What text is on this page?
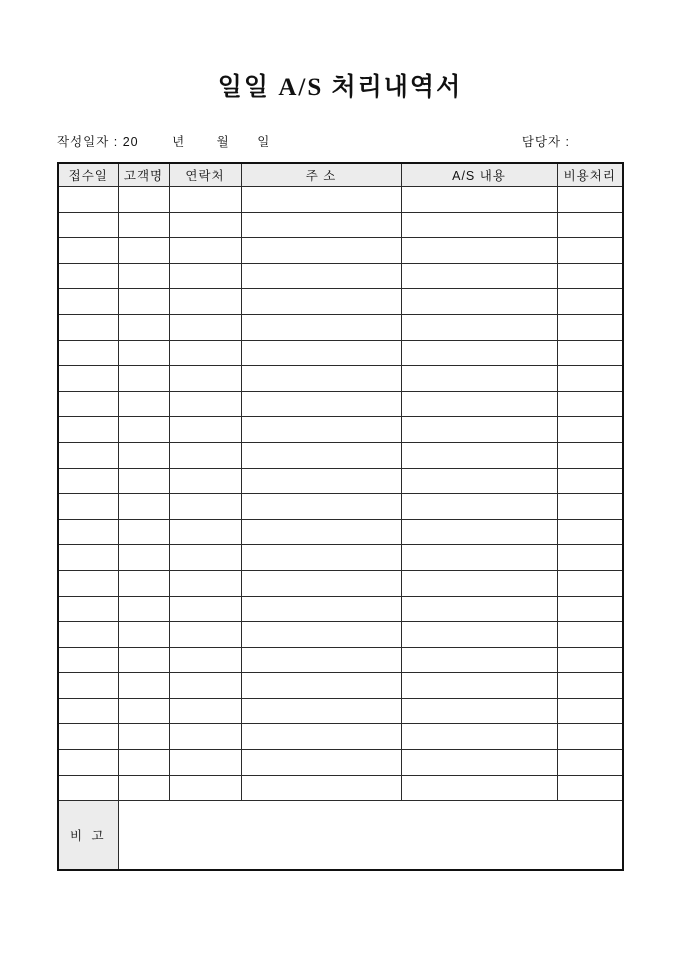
일일 A/S 처리내역서
작성일자 : 20	년	월 일	담당자 :
접수일	고객명	연락처	주 소	A/S 내용	비용처리

비 고					
